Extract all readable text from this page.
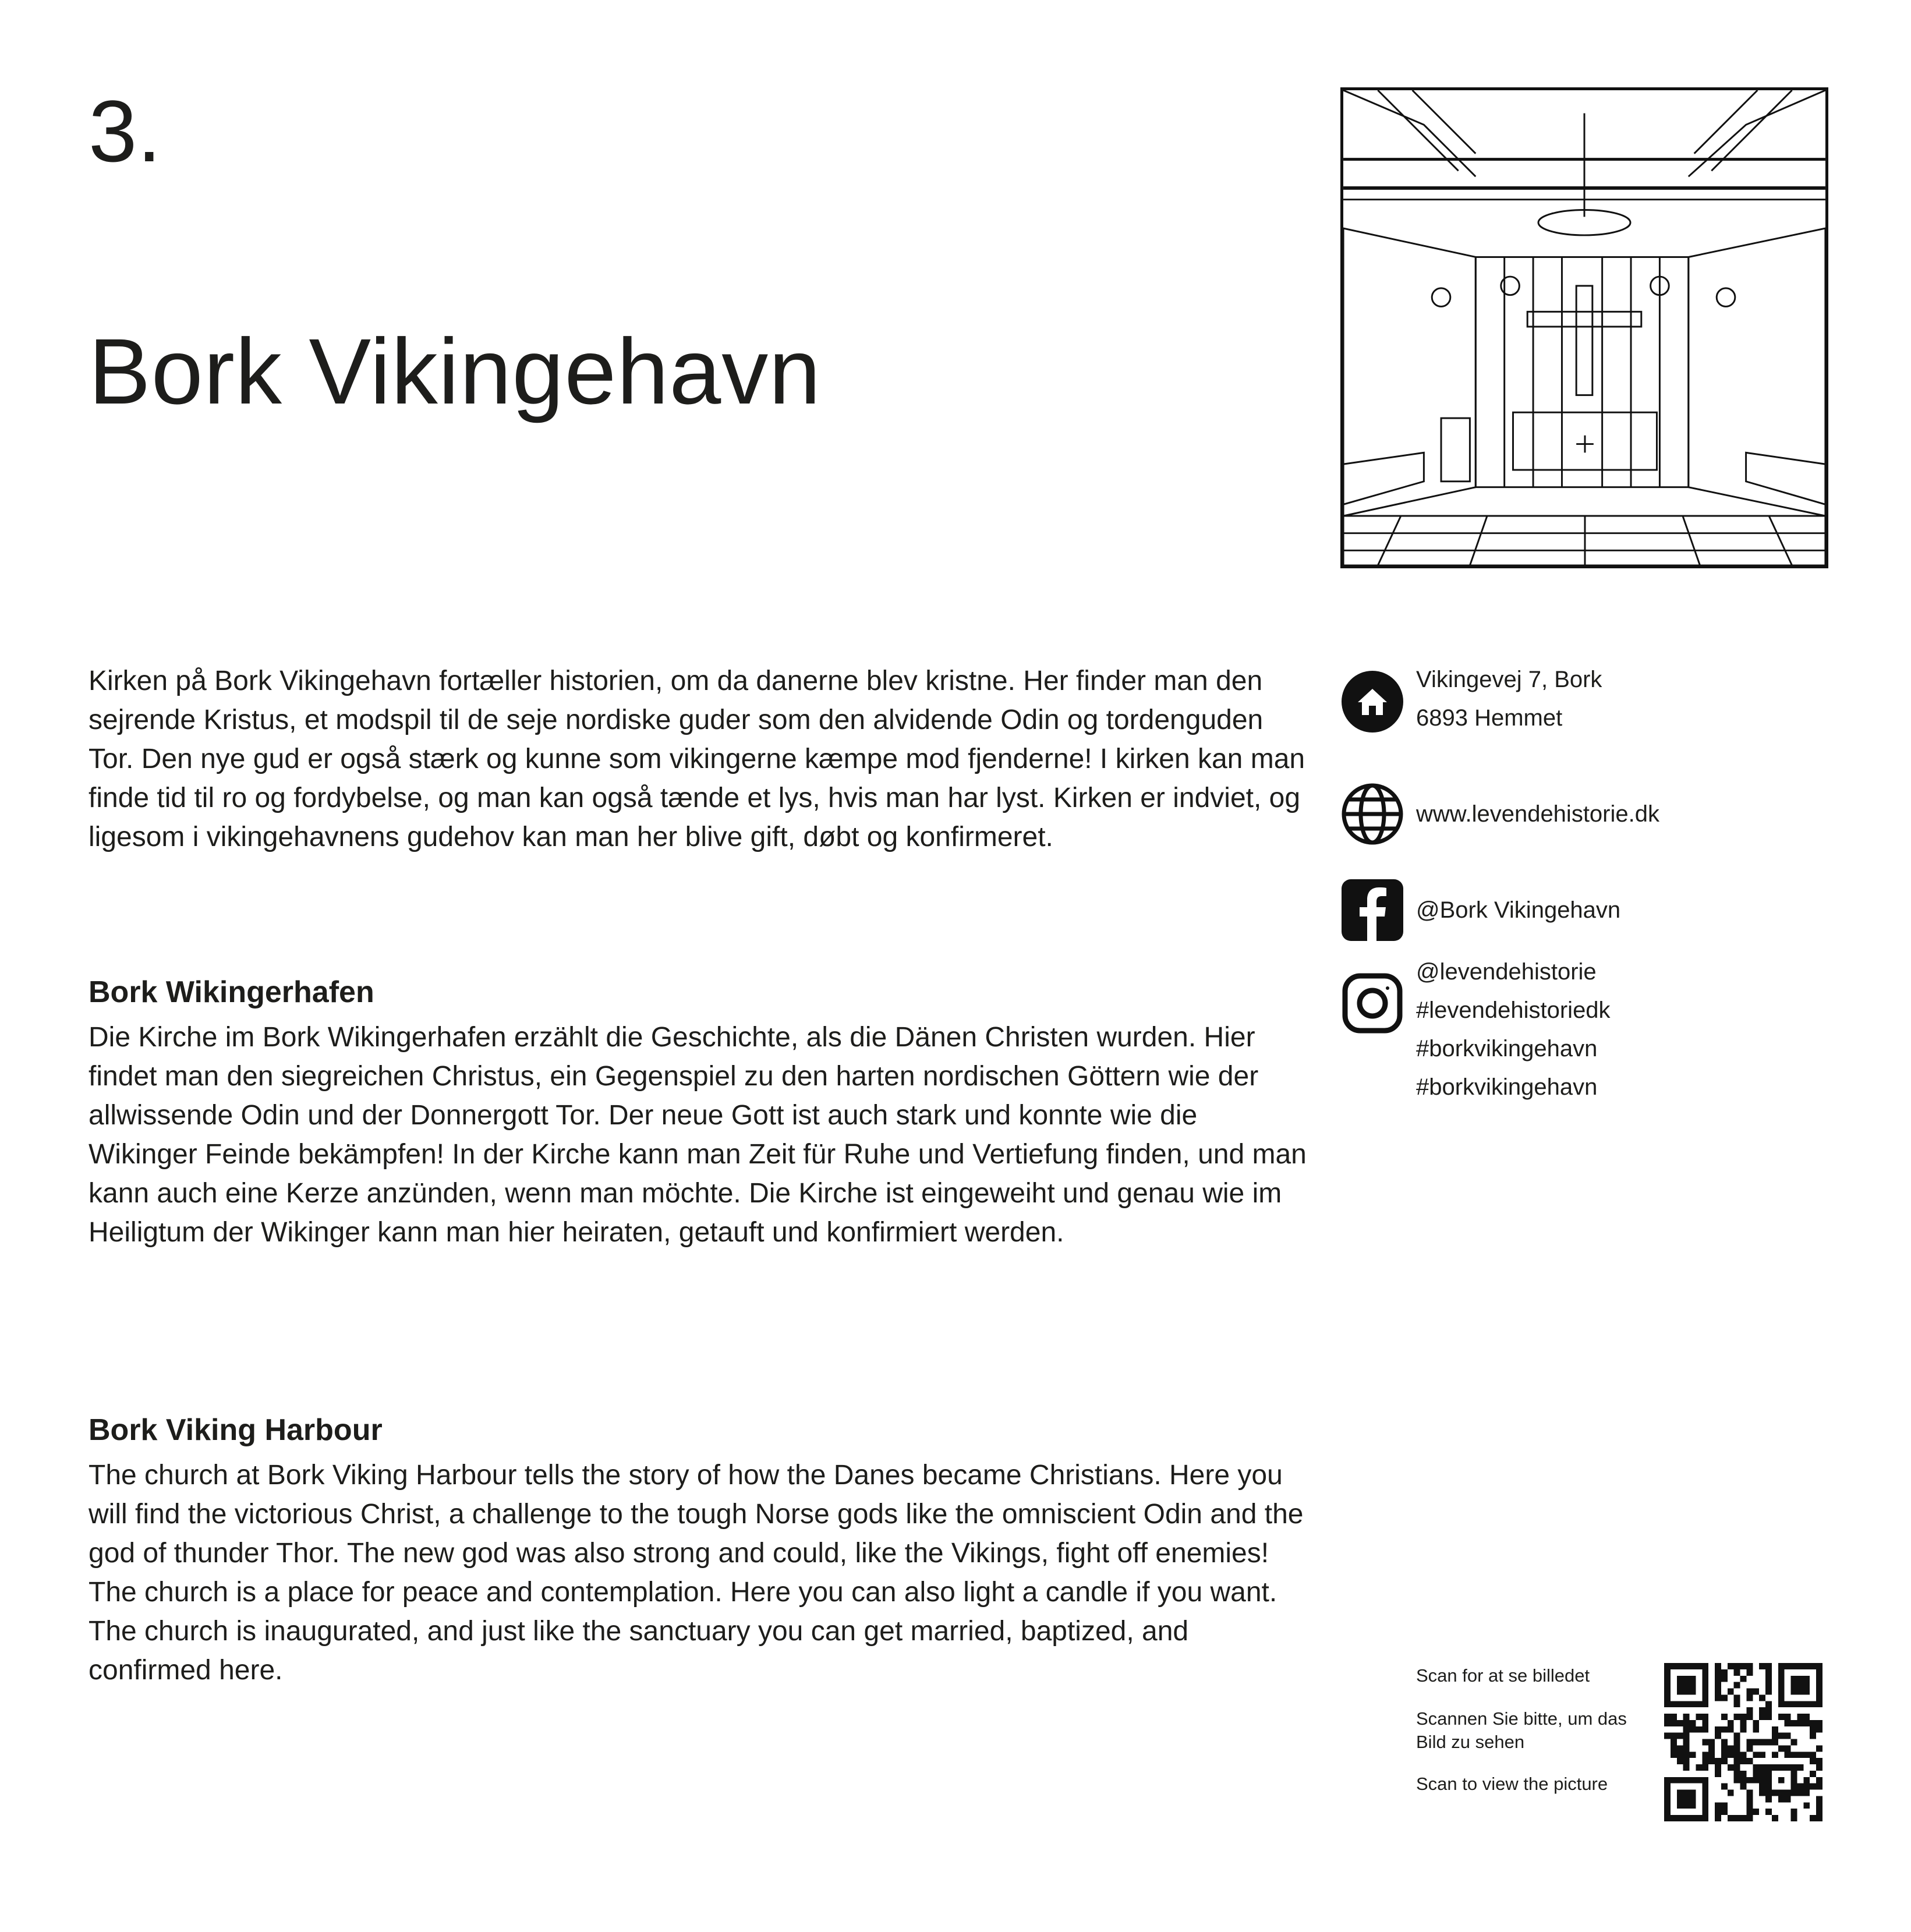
3.
Bork Vikingehavn

Kirken på Bork Vikingehavn fortæller historien, om da danerne blev kristne. Her finder man den sejrende Kristus, et modspil til de seje nordiske guder som den alvidende Odin og tordenguden Tor. Den nye gud er også stærk og kunne som vikingerne kæmpe mod fjenderne! I kirken kan man finde tid til ro og fordybelse, og man kan også tænde et lys, hvis man har lyst. Kirken er indviet, og ligesom i vikingehavnens gudehov kan man her blive gift, døbt og konfirmeret.

Bork Wikingerhafen

Die Kirche im Bork Wikingerhafen erzählt die Geschichte, als die Dänen Christen wurden. Hier findet man den siegreichen Christus, ein Gegenspiel zu den harten nordischen Göttern wie der allwissende Odin und der Donnergott Tor. Der neue Gott ist auch stark und konnte wie die Wikinger Feinde bekämpfen! In der Kirche kann man Zeit für Ruhe und Vertiefung finden, und man kann auch eine Kerze anzünden, wenn man möchte. Die Kirche ist eingeweiht und genau wie im Heiligtum der Wikinger kann man hier heiraten, getauft und konfirmiert werden.

Bork Viking Harbour

The church at Bork Viking Harbour tells the story of how the Danes became Christians. Here you will find the victorious Christ, a challenge to the tough Norse gods like the omniscient Odin and the god of thunder Thor. The new god was also strong and could, like the Vikings, fight off enemies! The church is a place for peace and contemplation. Here you can also light a candle if you want. The church is inaugurated, and just like the sanctuary you can get married, baptized, and confirmed here.

Vikingevej 7, Bork
6893 Hemmet
www.levendehistorie.dk
@Bork Vikingehavn
@levendehistorie
#levendehistoriedk
#borkvikingehavn
#borkvikingehavn
Scan for at se billedet
Scannen Sie bitte, um das Bild zu sehen
Scan to view the picture
